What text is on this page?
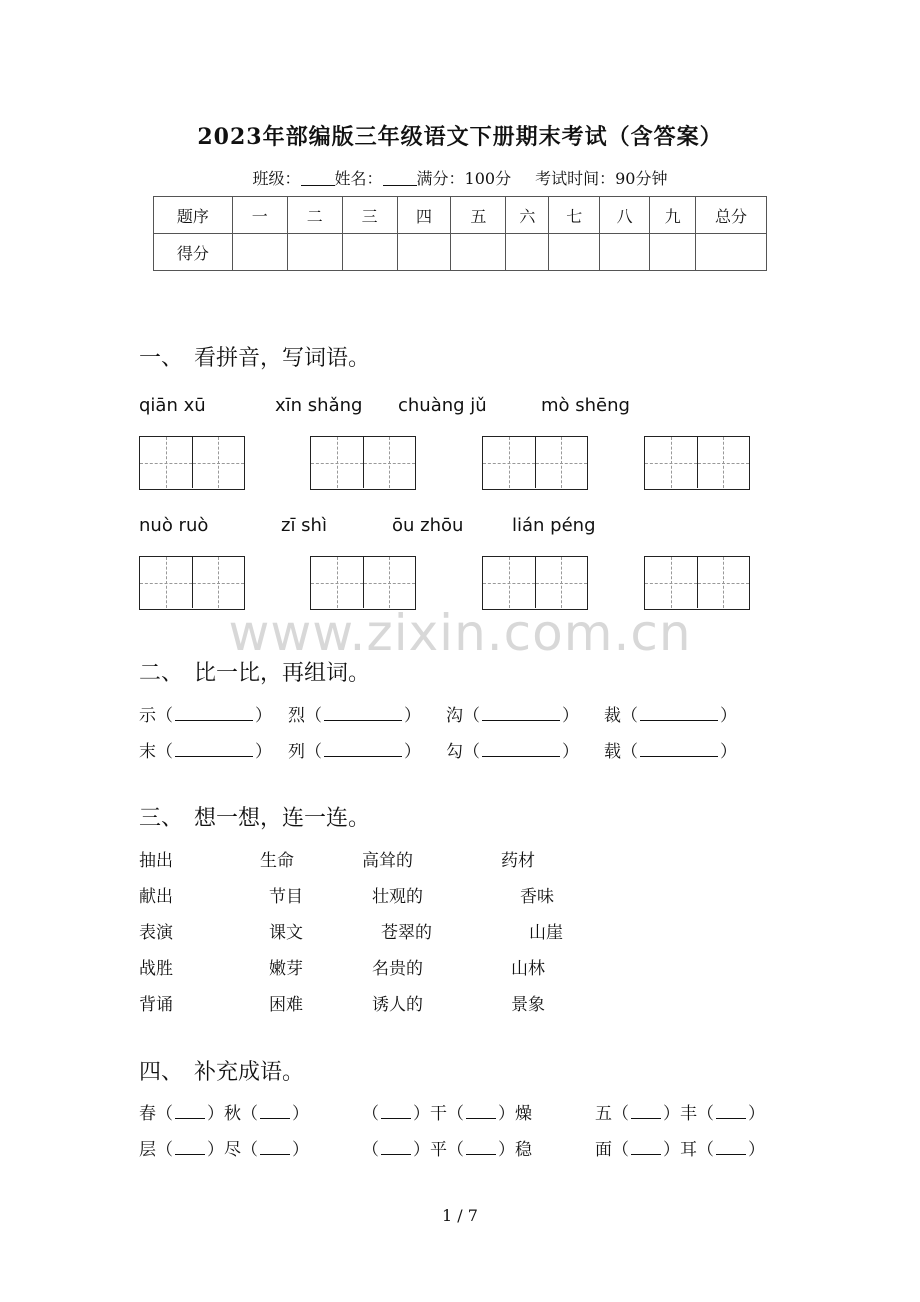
2023年部编版三年级语文下册期末考试（含答案）
班级： 姓名： 满分：100分 考试时间：90分钟
题序	一	二	三	四	五	六	七	八	九	总分
得分										
一、　看拼音，写词语。
qiān xū	xīn shǎng chuàng jǔ	mò shēng
nuò ruò	zī shì	ōu zhōu	lián péng
www.zixin.com.cn
二、　比一比，再组词。
示（	） 烈（	） 沟（	） 裁（	）
末（	） 列（	） 勾（	） 载（	）
三、　想一想，连一连。
抽出	生命	高耸的	药材
献出	节目	壮观的	香味
表演	课文	苍翠的	山崖
战胜	嫩芽	名贵的	山林
背诵	困难	诱人的	景象
四、　补充成语。
春（ ）秋（ ）	（ ）干（ ）燥	五（ ）丰（ ）
层（ ）尽（ ）	（ ）平（ ）稳	面（ ）耳（ ）
1 / 7
